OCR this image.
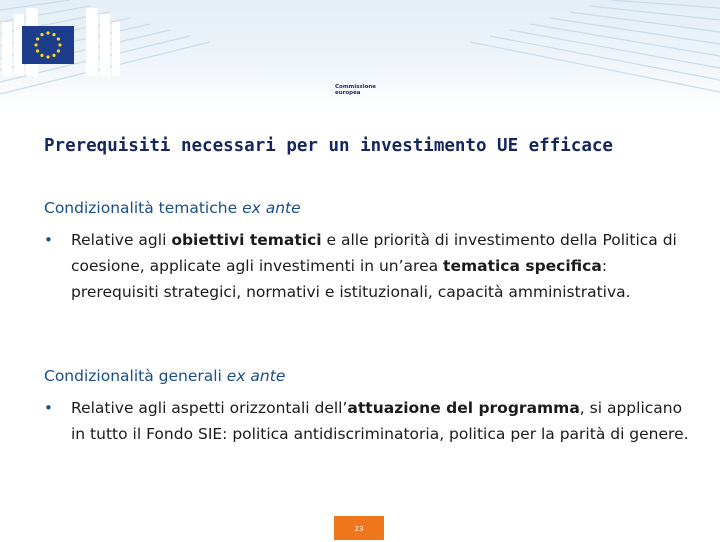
Commissione
europea
Prerequisiti necessari per un investimento UE efficace
Condizionalità tematiche ex ante
•	Relative agli obiettivi tematici e alle priorità di investimento della Politica di coesione, applicate agli investimenti in un’area tematica specifica: prerequisiti strategici, normativi e istituzionali, capacità amministrativa.
Condizionalità generali ex ante
•	Relative agli aspetti orizzontali dell’attuazione del programma, si applicano in tutto il Fondo SIE: politica antidiscriminatoria, politica per la parità di genere.
23
